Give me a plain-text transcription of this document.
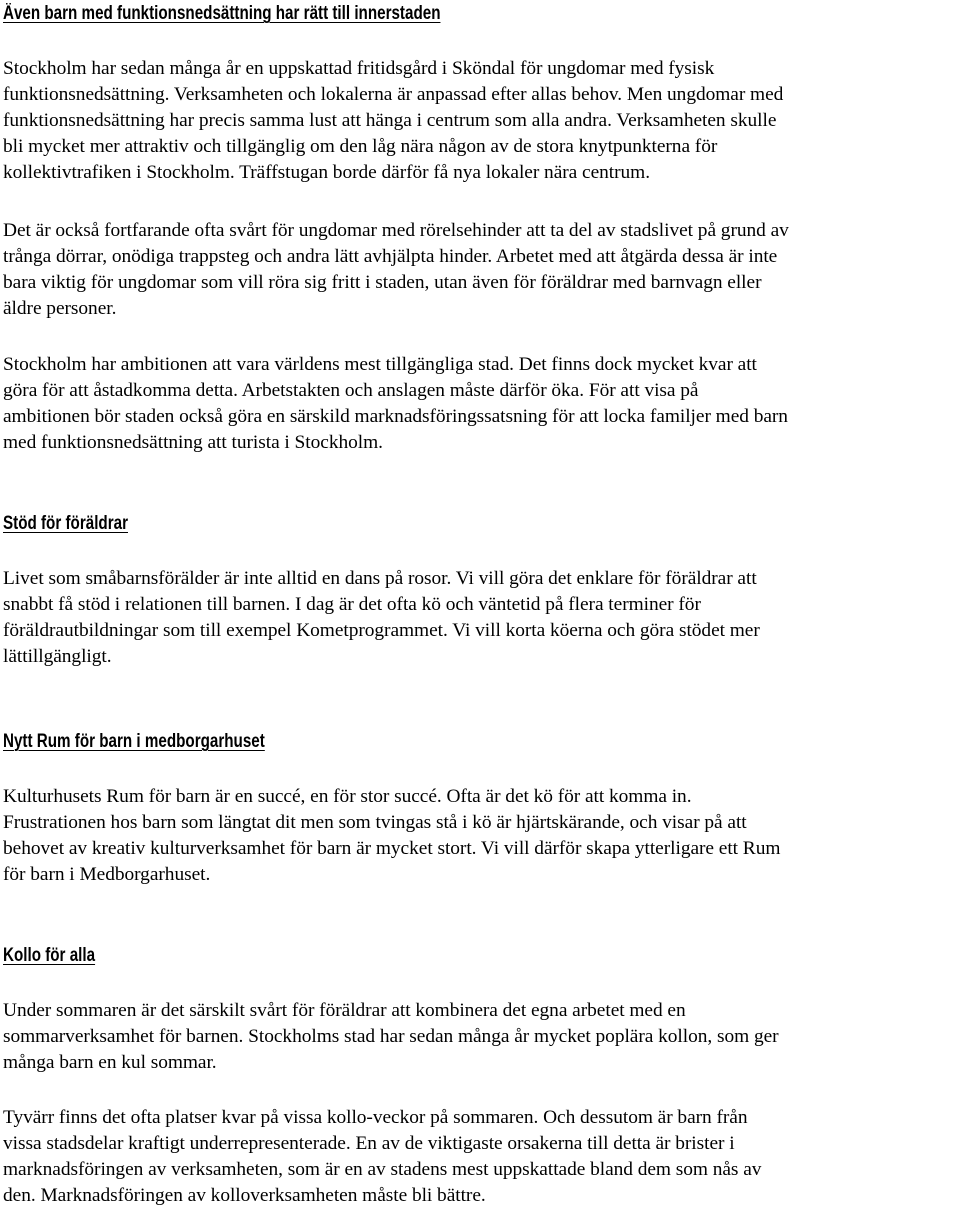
Även barn med funktionsnedsättning har rätt till innerstaden

Stockholm har sedan många år en uppskattad fritidsgård i Sköndal för ungdomar med fysisk
funktionsnedsättning. Verksamheten och lokalerna är anpassad efter allas behov. Men ungdomar med
funktionsnedsättning har precis samma lust att hänga i centrum som alla andra. Verksamheten skulle
bli mycket mer attraktiv och tillgänglig om den låg nära någon av de stora knytpunkterna för
kollektivtrafiken i Stockholm. Träffstugan borde därför få nya lokaler nära centrum.

Det är också fortfarande ofta svårt för ungdomar med rörelsehinder att ta del av stadslivet på grund av
trånga dörrar, onödiga trappsteg och andra lätt avhjälpta hinder. Arbetet med att åtgärda dessa är inte
bara viktig för ungdomar som vill röra sig fritt i staden, utan även för föräldrar med barnvagn eller
äldre personer.

Stockholm har ambitionen att vara världens mest tillgängliga stad. Det finns dock mycket kvar att
göra för att åstadkomma detta. Arbetstakten och anslagen måste därför öka. För att visa på
ambitionen bör staden också göra en särskild marknadsföringssatsning för att locka familjer med barn
med funktionsnedsättning att turista i Stockholm.

Stöd för föräldrar

Livet som småbarnsförälder är inte alltid en dans på rosor. Vi vill göra det enklare för föräldrar att
snabbt få stöd i relationen till barnen. I dag är det ofta kö och väntetid på flera terminer för
föräldrautbildningar som till exempel Kometprogrammet. Vi vill korta köerna och göra stödet mer
lättillgängligt.

Nytt Rum för barn i medborgarhuset

Kulturhusets Rum för barn är en succé, en för stor succé. Ofta är det kö för att komma in.
Frustrationen hos barn som längtat dit men som tvingas stå i kö är hjärtskärande, och visar på att
behovet av kreativ kulturverksamhet för barn är mycket stort. Vi vill därför skapa ytterligare ett Rum
för barn i Medborgarhuset.

Kollo för alla

Under sommaren är det särskilt svårt för föräldrar att kombinera det egna arbetet med en
sommarverksamhet för barnen. Stockholms stad har sedan många år mycket poplära kollon, som ger
många barn en kul sommar.

Tyvärr finns det ofta platser kvar på vissa kollo-veckor på sommaren. Och dessutom är barn från
vissa stadsdelar kraftigt underrepresenterade. En av de viktigaste orsakerna till detta är brister i
marknadsföringen av verksamheten, som är en av stadens mest uppskattade bland dem som nås av
den. Marknadsföringen av kolloverksamheten måste bli bättre.
